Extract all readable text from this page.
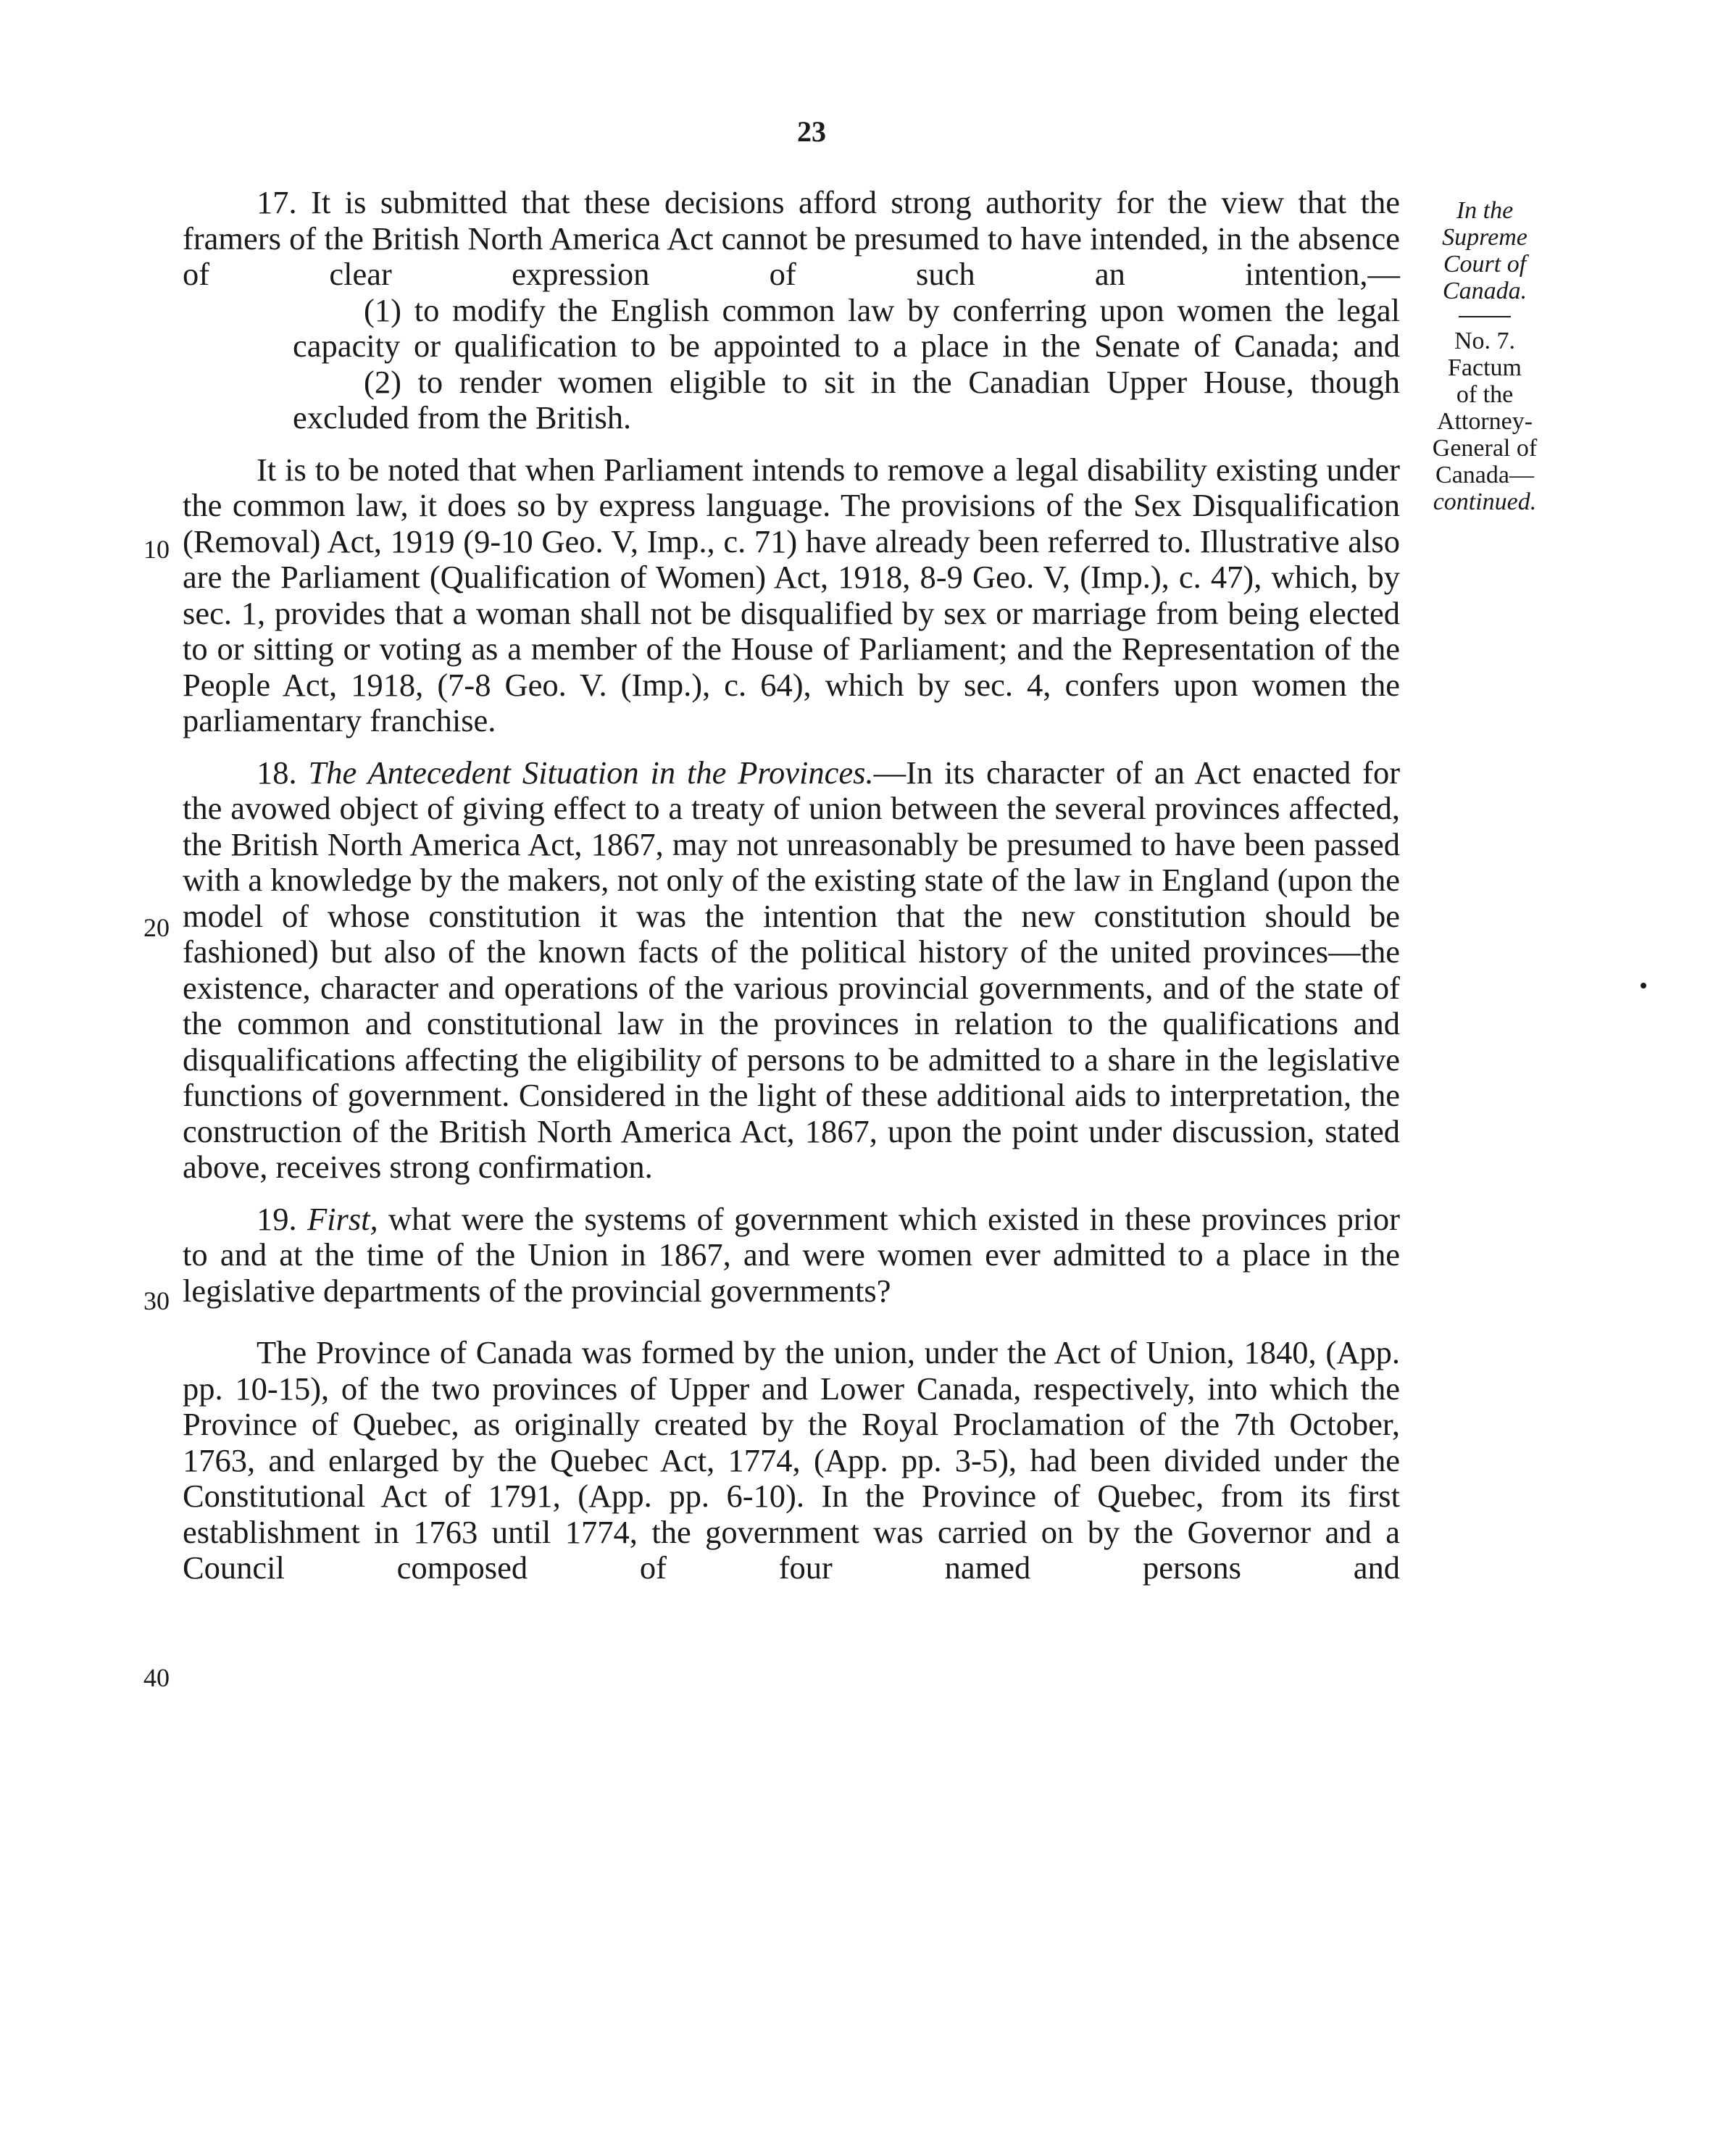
23

17. It is submitted that these decisions afford strong authority for the view that the framers of the British North America Act cannot be presumed to have intended, in the absence of clear expression of such an intention,—

(1) to modify the English common law by conferring upon women the legal capacity or qualification to be appointed to a place in the Senate of Canada; and

(2) to render women eligible to sit in the Canadian Upper House, though excluded from the British.

It is to be noted that when Parliament intends to remove a legal disability existing under the common law, it does so by express language. The provisions of the Sex Disqualification (Removal) Act, 1919 (9-10 Geo. V, Imp., c. 71) have already been referred to. Illustrative also are the Parliament (Qualification of Women) Act, 1918, 8-9 Geo. V, (Imp.), c. 47), which, by sec. 1, provides that a woman shall not be disqualified by sex or marriage from being elected to or sitting or voting as a member of the House of Parliament; and the Representation of the People Act, 1918, (7-8 Geo. V. (Imp.), c. 64), which by sec. 4, confers upon women the parliamentary franchise.

18. The Antecedent Situation in the Provinces.—In its character of an Act enacted for the avowed object of giving effect to a treaty of union between the several provinces affected, the British North America Act, 1867, may not unreasonably be presumed to have been passed with a knowledge by the makers, not only of the existing state of the law in England (upon the model of whose constitution it was the intention that the new constitution should be fashioned) but also of the known facts of the political history of the united provinces—the existence, character and operations of the various provincial governments, and of the state of the common and constitutional law in the provinces in relation to the qualifications and disqualifications affecting the eligibility of persons to be admitted to a share in the legislative functions of government. Considered in the light of these additional aids to interpretation, the construction of the British North America Act, 1867, upon the point under discussion, stated above, receives strong confirmation.

19. First, what were the systems of government which existed in these provinces prior to and at the time of the Union in 1867, and were women ever admitted to a place in the legislative departments of the provincial governments?

The Province of Canada was formed by the union, under the Act of Union, 1840, (App. pp. 10-15), of the two provinces of Upper and Lower Canada, respectively, into which the Province of Quebec, as originally created by the Royal Proclamation of the 7th October, 1763, and enlarged by the Quebec Act, 1774, (App. pp. 3-5), had been divided under the Constitutional Act of 1791, (App. pp. 6-10). In the Province of Quebec, from its first establishment in 1763 until 1774, the government was carried on by the Governor and a Council composed of four named persons and

In the
Supreme
Court of
Canada.
No. 7.
Factum
of the
Attorney-
General of
Canada—
continued.
10
20
30
40
